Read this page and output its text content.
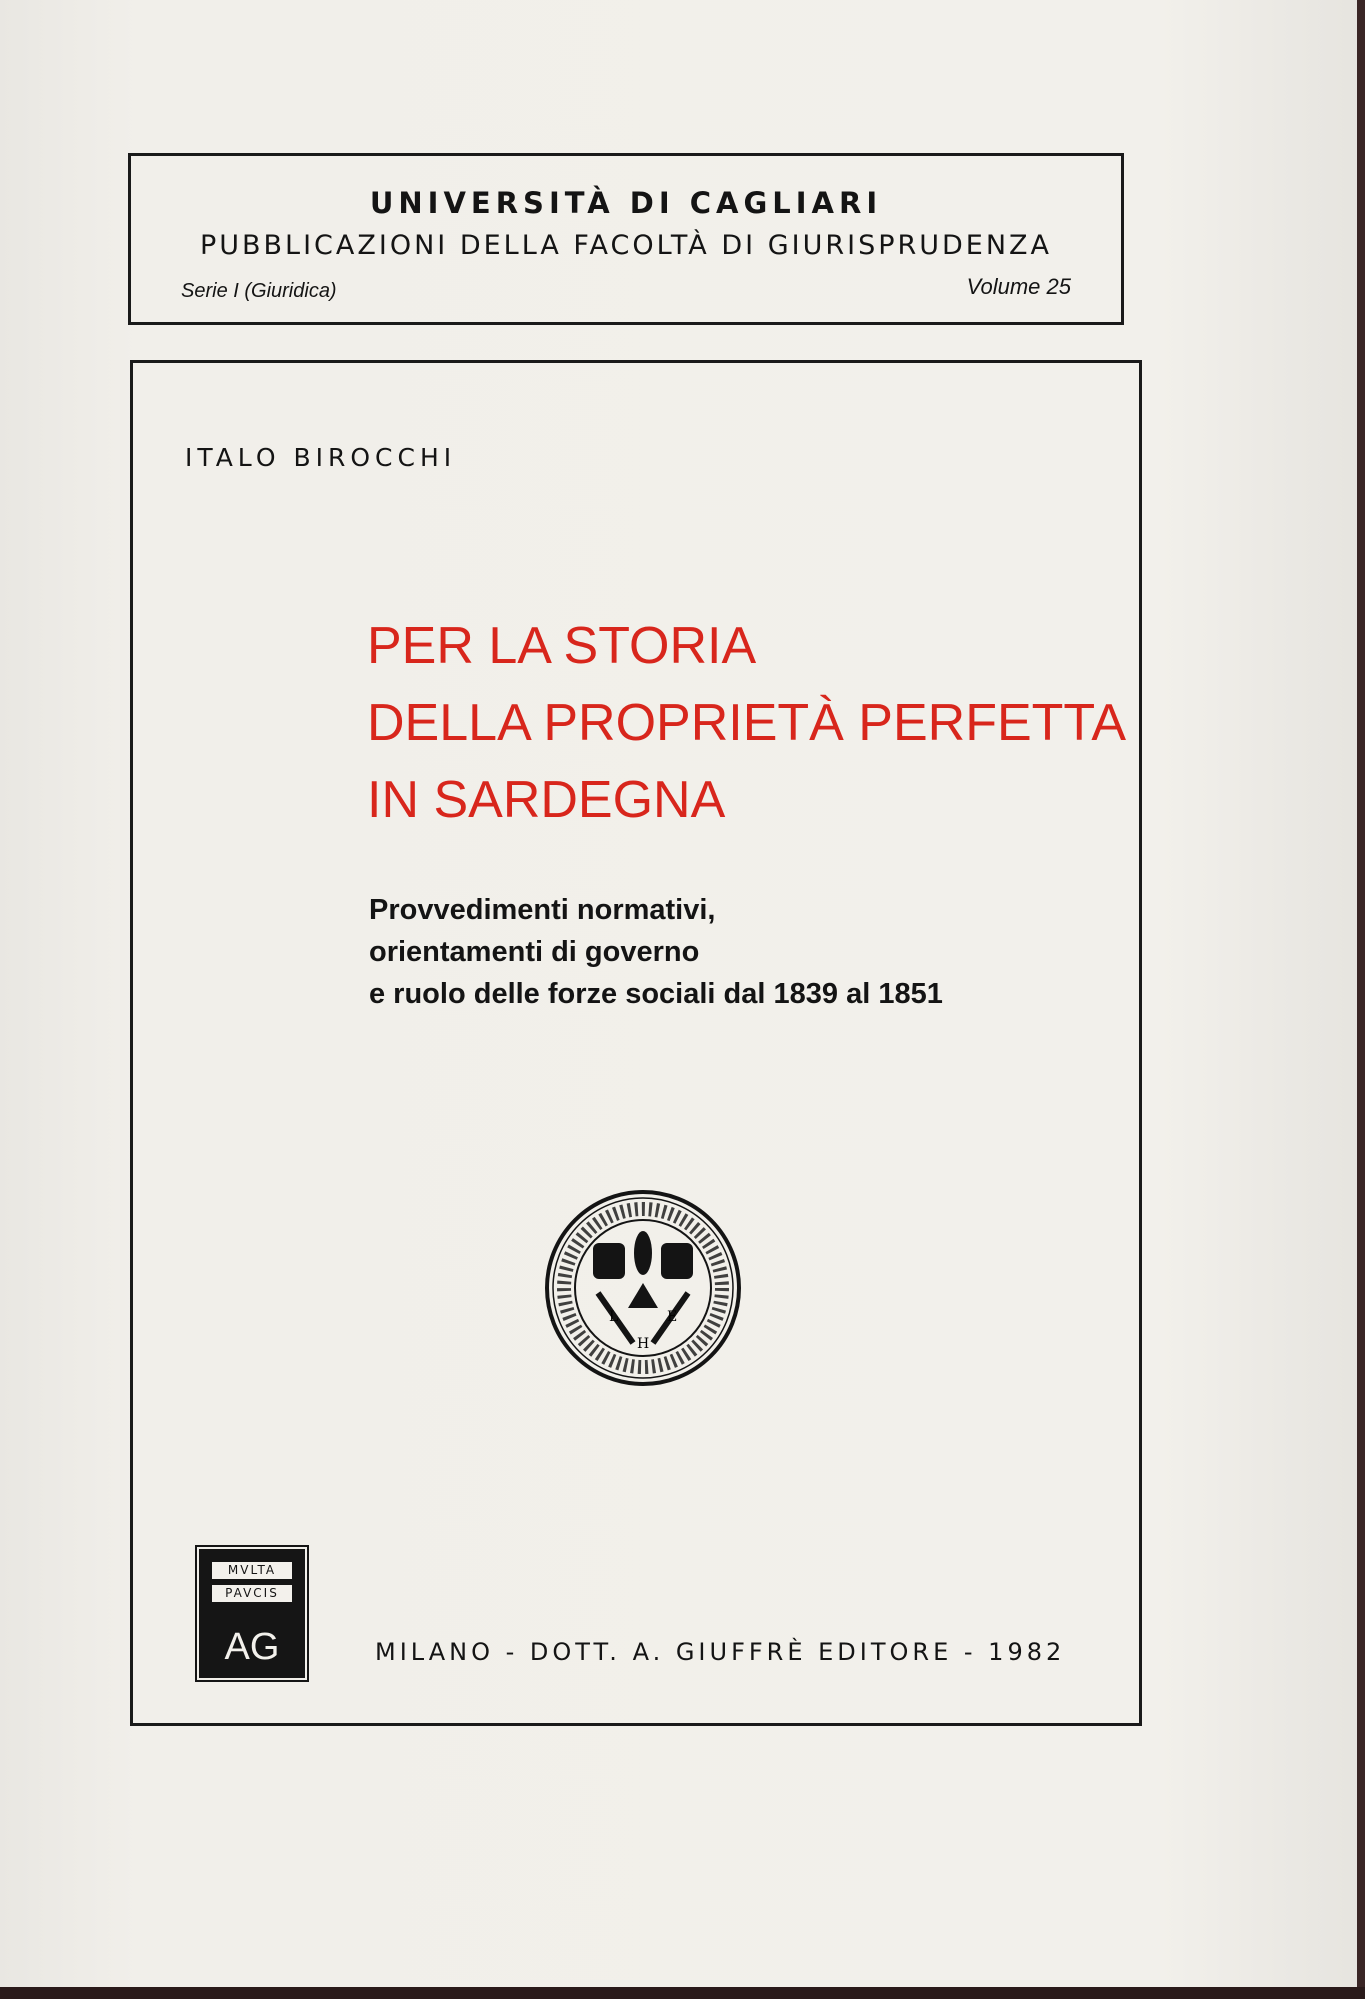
UNIVERSITÀ DI CAGLIARI
PUBBLICAZIONI DELLA FACOLTÀ DI GIURISPRUDENZA
Serie I (Giuridica)	Volume 25
ITALO BIROCCHI
PER LA STORIA
DELLA PROPRIETÀ PERFETTA
IN SARDEGNA
Provvedimenti normativi,
orientamenti di governo
e ruolo delle forze sociali dal 1839 al 1851
L
H
E
MVLTA
PAVCIS
AG	MILANO - DOTT. A. GIUFFRÈ EDITORE - 1982
